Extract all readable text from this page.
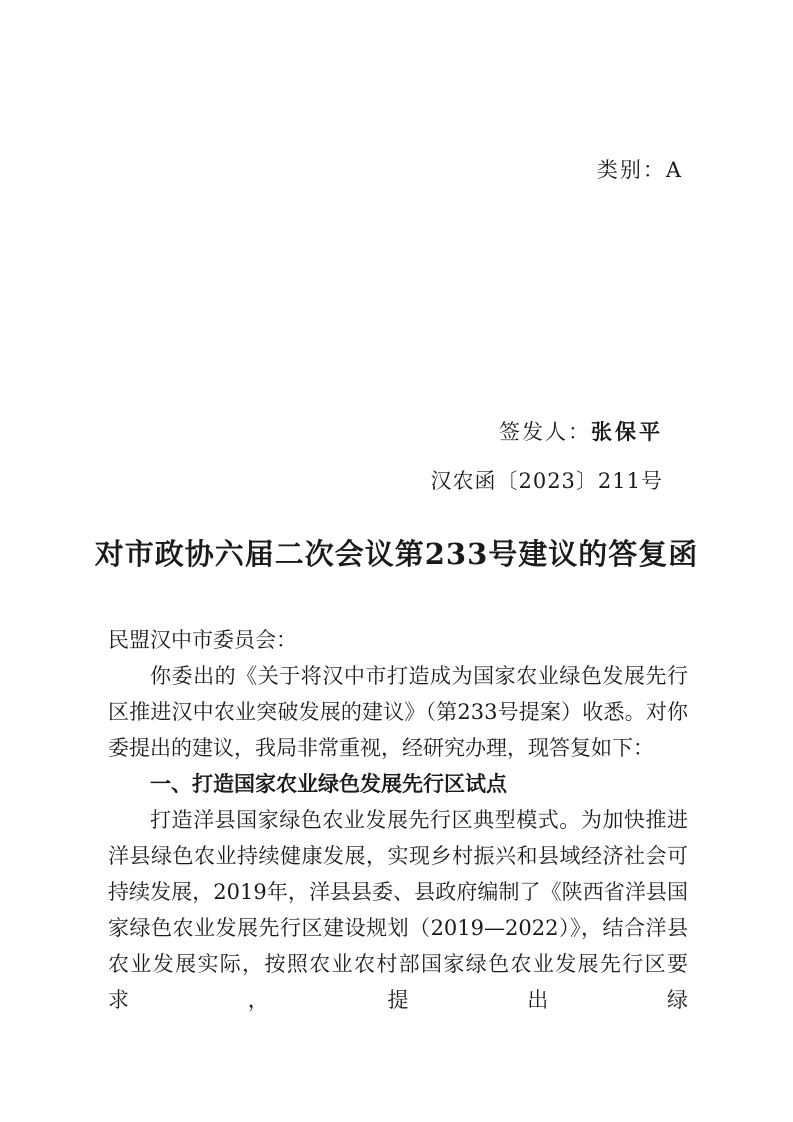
类别：A
签发人：张保平
汉农函〔2023〕211号
对市政协六届二次会议第233号建议的答复函

民盟汉中市委员会：

你委出的《关于将汉中市打造成为国家农业绿色发展先行区推进汉中农业突破发展的建议》（第233号提案）收悉。对你委提出的建议，我局非常重视，经研究办理，现答复如下：

一、打造国家农业绿色发展先行区试点

打造洋县国家绿色农业发展先行区典型模式。为加快推进洋县绿色农业持续健康发展，实现乡村振兴和县域经济社会可持续发展，2019年，洋县县委、县政府编制了《陕西省洋县国家绿色农业发展先行区建设规划（2019—2022）》，结合洋县农业发展实际，按照农业农村部国家绿色农业发展先行区要求，提出绿
